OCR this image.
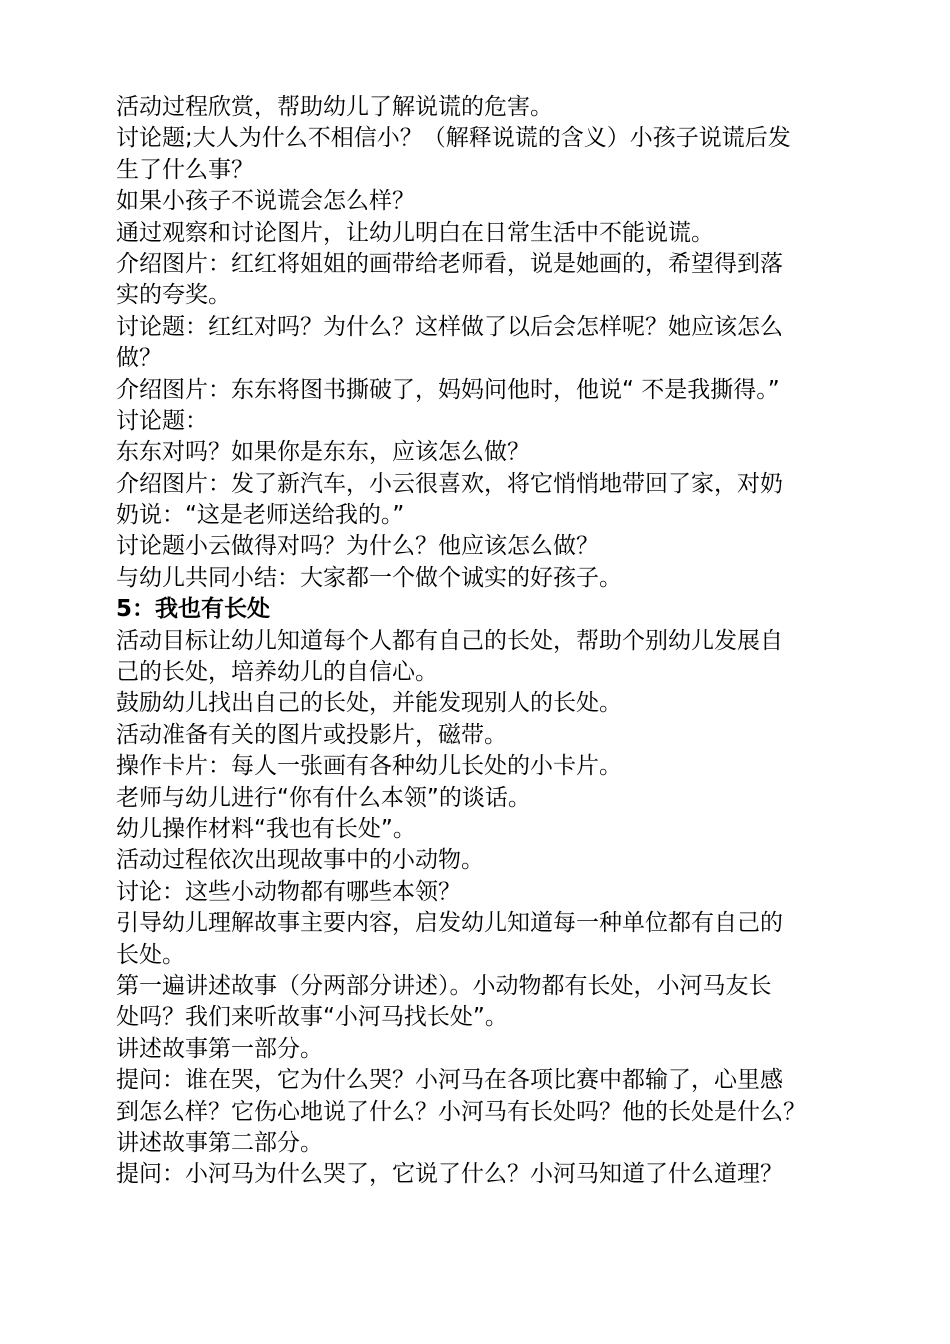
活动过程欣赏，帮助幼儿了解说谎的危害。
讨论题;大人为什么不相信小？（解释说谎的含义）小孩子说谎后发
生了什么事？
如果小孩子不说谎会怎么样？
通过观察和讨论图片，让幼儿明白在日常生活中不能说谎。
介绍图片：红红将姐姐的画带给老师看，说是她画的，希望得到落
实的夸奖。
讨论题：红红对吗？为什么？这样做了以后会怎样呢？她应该怎么
做？
介绍图片：东东将图书撕破了，妈妈问他时，他说“ 不是我撕得。”
讨论题：
东东对吗？如果你是东东，应该怎么做？
介绍图片：发了新汽车，小云很喜欢，将它悄悄地带回了家，对奶
奶说：“这是老师送给我的。”
讨论题小云做得对吗？为什么？他应该怎么做？
与幼儿共同小结：大家都一个做个诚实的好孩子。
5：我也有长处
活动目标让幼儿知道每个人都有自己的长处，帮助个别幼儿发展自
己的长处，培养幼儿的自信心。
鼓励幼儿找出自己的长处，并能发现别人的长处。
活动准备有关的图片或投影片，磁带。
操作卡片：每人一张画有各种幼儿长处的小卡片。
老师与幼儿进行“你有什么本领”的谈话。
幼儿操作材料“我也有长处”。
活动过程依次出现故事中的小动物。
讨论：这些小动物都有哪些本领？
引导幼儿理解故事主要内容，启发幼儿知道每一种单位都有自己的
长处。
第一遍讲述故事（分两部分讲述）。小动物都有长处，小河马友长
处吗？我们来听故事“小河马找长处”。
讲述故事第一部分。
提问：谁在哭，它为什么哭？小河马在各项比赛中都输了，心里感
到怎么样？它伤心地说了什么？小河马有长处吗？他的长处是什么？
讲述故事第二部分。
提问：小河马为什么哭了，它说了什么？小河马知道了什么道理？
